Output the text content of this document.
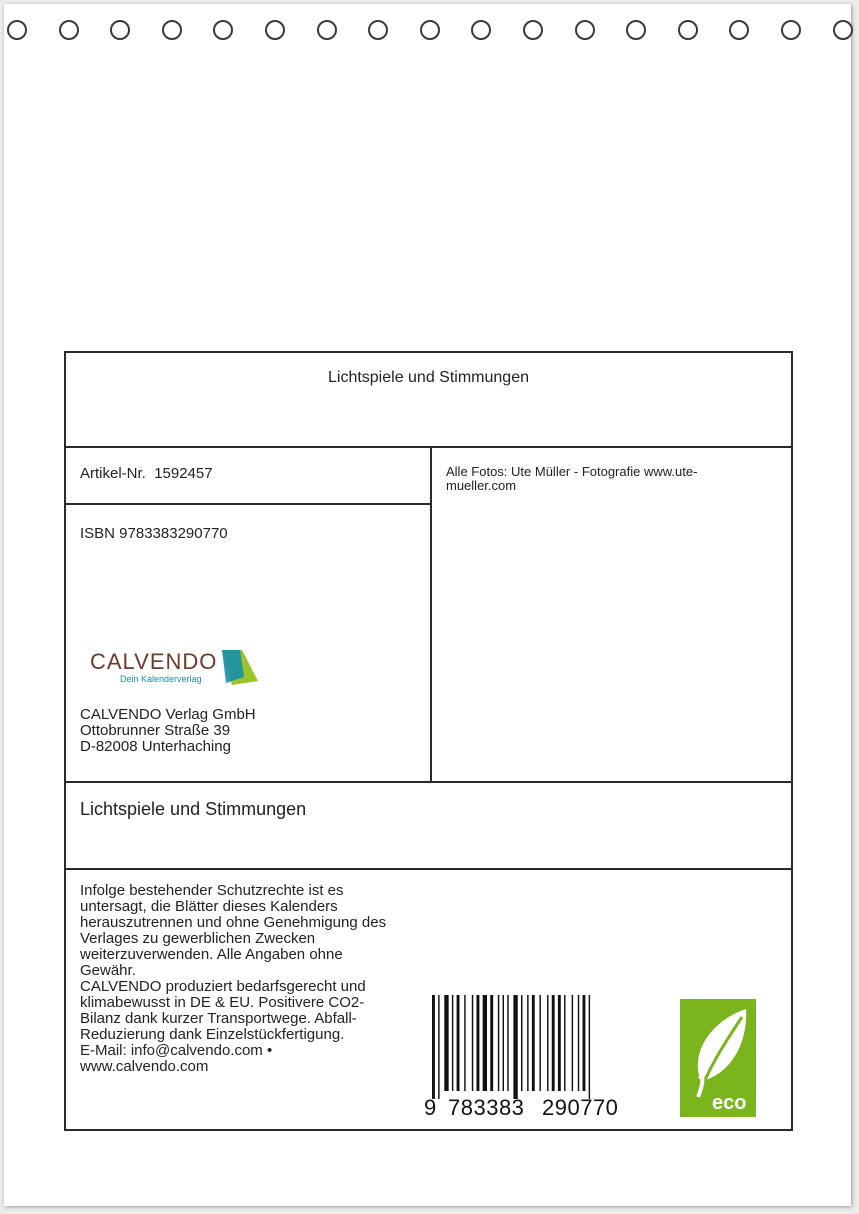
Lichtspiele und Stimmungen
Artikel-Nr. 1592457	Alle Fotos: Ute Müller - Fotografie www.ute-
mueller.com
ISBN 9783383290770
CALVENDO
Dein Kalenderverlag
CALVENDO Verlag GmbH
Ottobrunner Straße 39
D-82008 Unterhaching
Lichtspiele und Stimmungen
Infolge bestehender Schutzrechte ist es
untersagt, die Blätter dieses Kalenders
herauszutrennen und ohne Genehmigung des
Verlages zu gewerblichen Zwecken
weiterzuverwenden. Alle Angaben ohne
Gewähr.
CALVENDO produziert bedarfsgerecht und
klimabewusst in DE & EU. Positivere CO2-
Bilanz dank kurzer Transportwege. Abfall-
Reduzierung dank Einzelstückfertigung.
E-Mail: info@calvendo.com •
www.calvendo.com
9 783383 290770	eco
